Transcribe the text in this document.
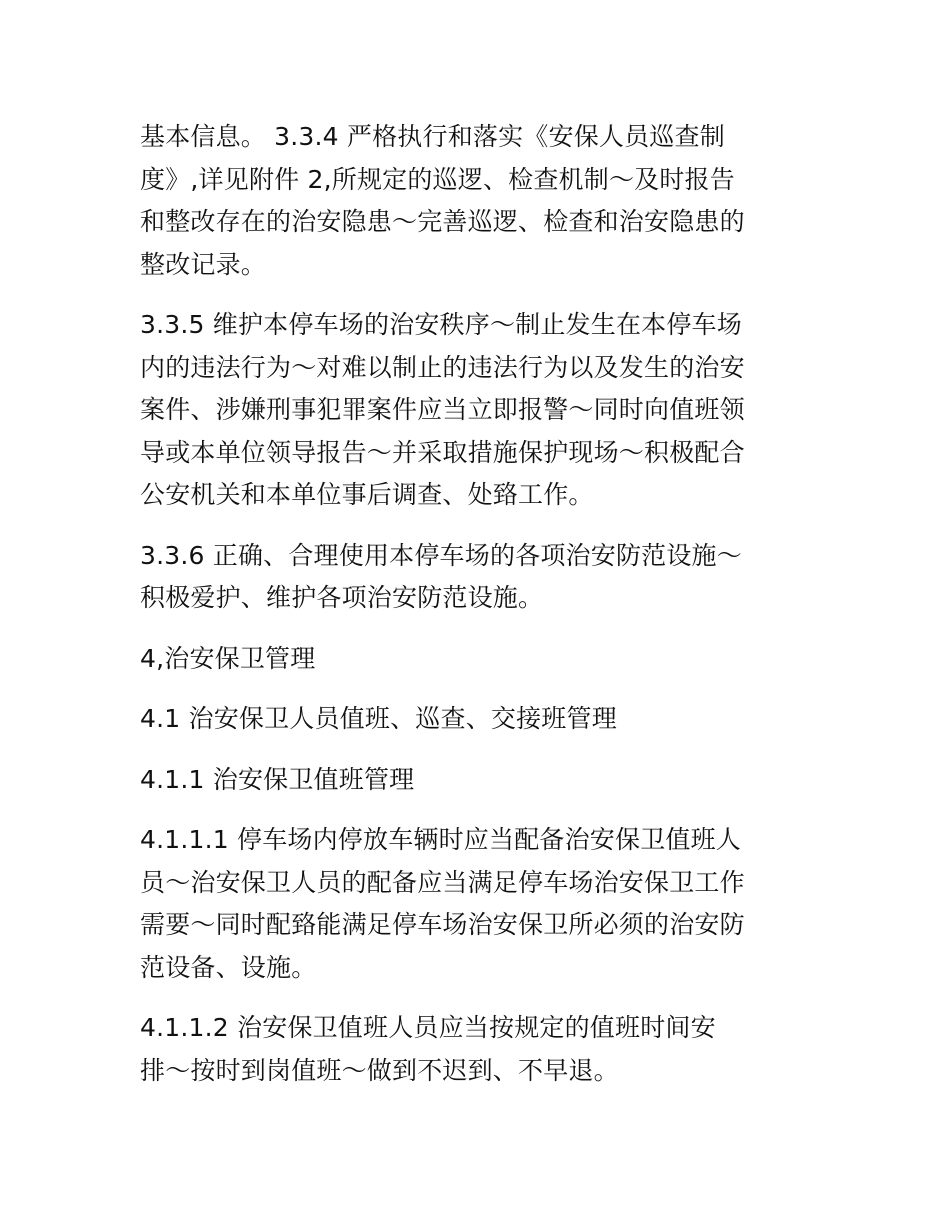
基本信息。 3.3.4 严格执行和落实《安保人员巡查制
度》,详见附件 2,所规定的巡逻、检查机制～及时报告
和整改存在的治安隐患～完善巡逻、检查和治安隐患的
整改记录。

3.3.5 维护本停车场的治安秩序～制止发生在本停车场
内的违法行为～对难以制止的违法行为以及发生的治安
案件、涉嫌刑事犯罪案件应当立即报警～同时向值班领
导或本单位领导报告～并采取措施保护现场～积极配合
公安机关和本单位事后调查、处臵工作。

3.3.6 正确、合理使用本停车场的各项治安防范设施～
积极爱护、维护各项治安防范设施。

4,治安保卫管理

4.1 治安保卫人员值班、巡查、交接班管理

4.1.1 治安保卫值班管理

4.1.1.1 停车场内停放车辆时应当配备治安保卫值班人
员～治安保卫人员的配备应当满足停车场治安保卫工作
需要～同时配臵能满足停车场治安保卫所必须的治安防
范设备、设施。

4.1.1.2 治安保卫值班人员应当按规定的值班时间安
排～按时到岗值班～做到不迟到、不早退。
